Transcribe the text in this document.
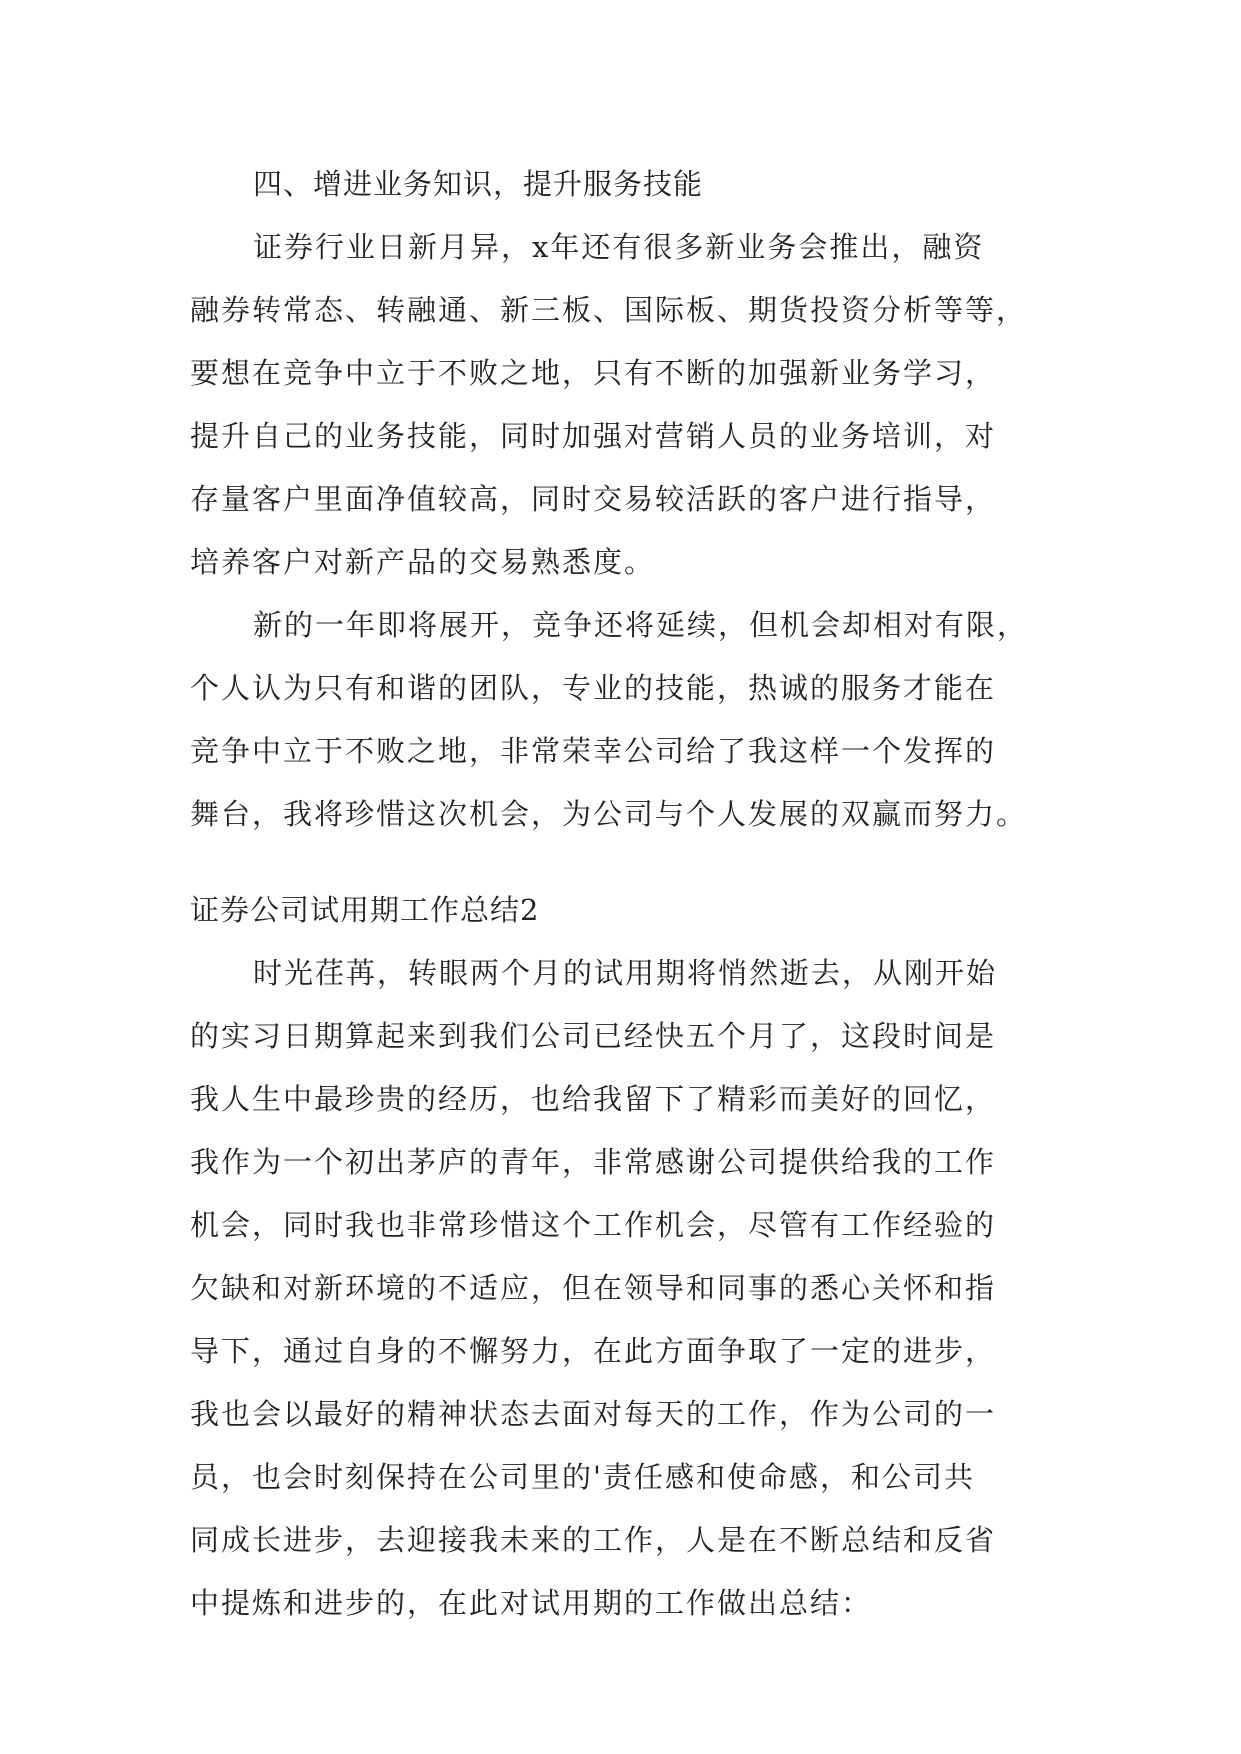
四、增进业务知识，提升服务技能
证券行业日新月异，x年还有很多新业务会推出，融资
融券转常态、转融通、新三板、国际板、期货投资分析等等，
要想在竞争中立于不败之地，只有不断的加强新业务学习，
提升自己的业务技能，同时加强对营销人员的业务培训，对
存量客户里面净值较高，同时交易较活跃的客户进行指导，
培养客户对新产品的交易熟悉度。
新的一年即将展开，竞争还将延续，但机会却相对有限，
个人认为只有和谐的团队，专业的技能，热诚的服务才能在
竞争中立于不败之地，非常荣幸公司给了我这样一个发挥的
舞台，我将珍惜这次机会，为公司与个人发展的双赢而努力。
证券公司试用期工作总结2
时光荏苒，转眼两个月的试用期将悄然逝去，从刚开始
的实习日期算起来到我们公司已经快五个月了，这段时间是
我人生中最珍贵的经历，也给我留下了精彩而美好的回忆，
我作为一个初出茅庐的青年，非常感谢公司提供给我的工作
机会，同时我也非常珍惜这个工作机会，尽管有工作经验的
欠缺和对新环境的不适应，但在领导和同事的悉心关怀和指
导下，通过自身的不懈努力，在此方面争取了一定的进步，
我也会以最好的精神状态去面对每天的工作，作为公司的一
员，也会时刻保持在公司里的'责任感和使命感，和公司共
同成长进步，去迎接我未来的工作，人是在不断总结和反省
中提炼和进步的，在此对试用期的工作做出总结：
